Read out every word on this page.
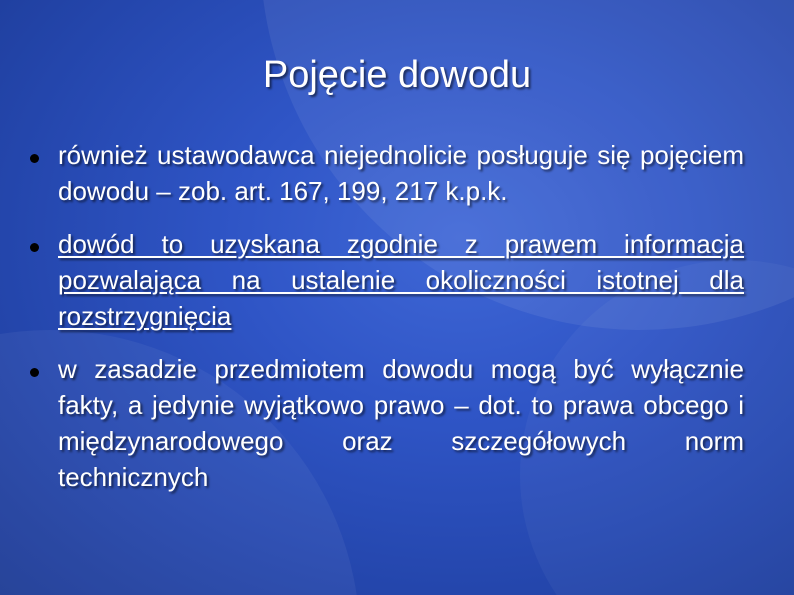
Pojęcie dowodu
również ustawodawca niejednolicie posługuje się pojęciem dowodu – zob. art. 167, 199, 217 k.p.k.
dowód to uzyskana zgodnie z prawem informacja pozwalająca na ustalenie okoliczności istotnej dla rozstrzygnięcia
w zasadzie przedmiotem dowodu mogą być wyłącznie fakty, a jedynie wyjątkowo prawo – dot. to prawa obcego i międzynarodowego oraz szczegółowych norm technicznych
